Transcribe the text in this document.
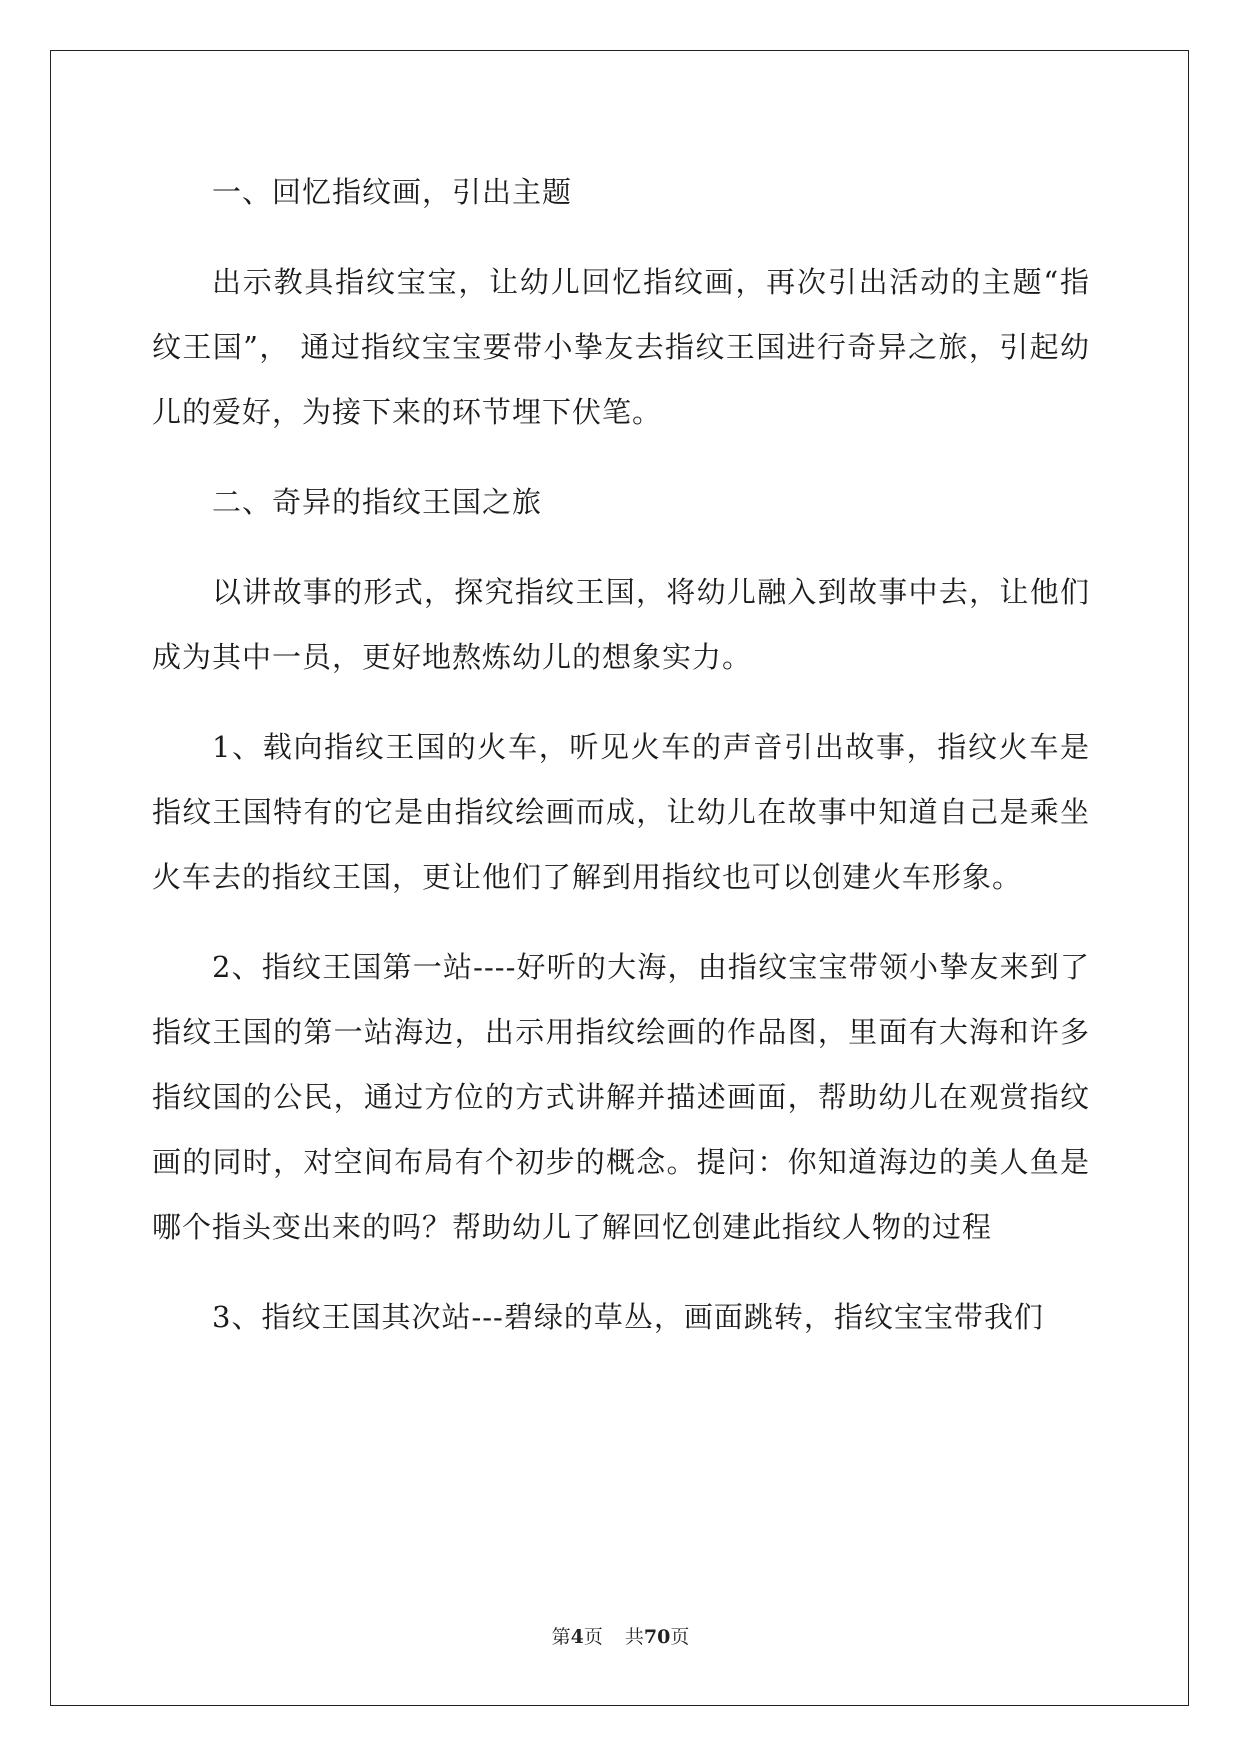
一、回忆指纹画，引出主题

出示教具指纹宝宝，让幼儿回忆指纹画，再次引出活动的主题“指纹王国”， 通过指纹宝宝要带小挚友去指纹王国进行奇异之旅，引起幼儿的爱好，为接下来的环节埋下伏笔。

二、奇异的指纹王国之旅

以讲故事的形式，探究指纹王国，将幼儿融入到故事中去，让他们成为其中一员，更好地熬炼幼儿的想象实力。

1、载向指纹王国的火车，听见火车的声音引出故事，指纹火车是指纹王国特有的它是由指纹绘画而成，让幼儿在故事中知道自己是乘坐火车去的指纹王国，更让他们了解到用指纹也可以创建火车形象。

2、指纹王国第一站----好听的大海，由指纹宝宝带领小挚友来到了指纹王国的第一站海边，出示用指纹绘画的作品图，里面有大海和许多指纹国的公民，通过方位的方式讲解并描述画面，帮助幼儿在观赏指纹画的同时，对空间布局有个初步的概念。提问：你知道海边的美人鱼是哪个指头变出来的吗？帮助幼儿了解回忆创建此指纹人物的过程

3、指纹王国其次站---碧绿的草丛，画面跳转，指纹宝宝带我们

第4页 共70页
